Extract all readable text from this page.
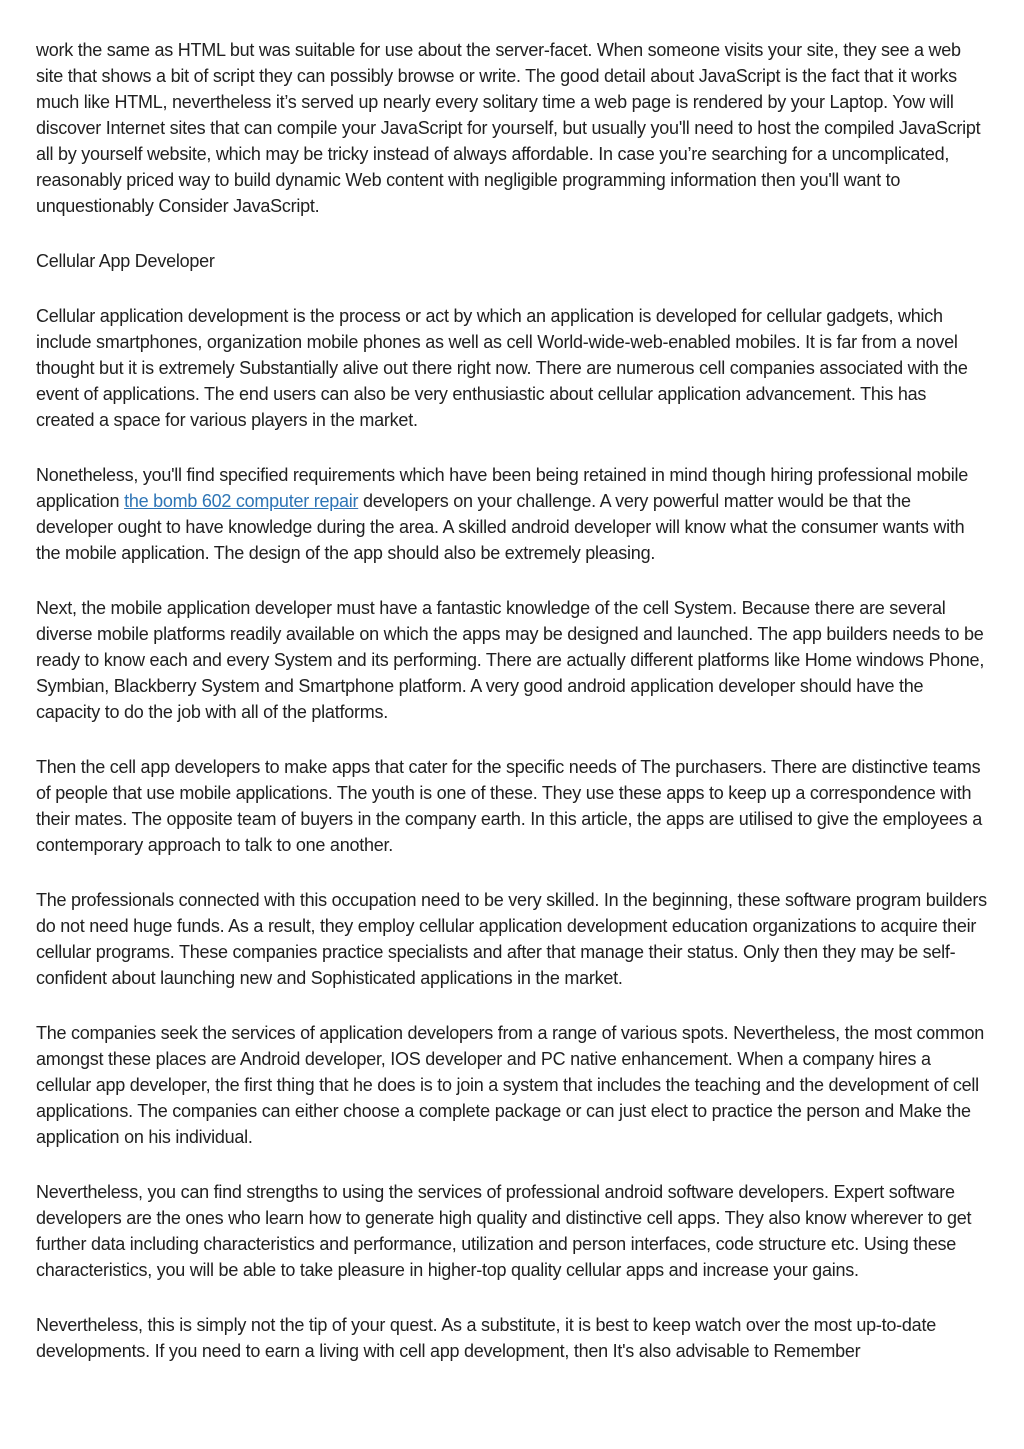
work the same as HTML but was suitable for use about the server-facet. When someone visits your site, they see a web site that shows a bit of script they can possibly browse or write. The good detail about JavaScript is the fact that it works much like HTML, nevertheless it’s served up nearly every solitary time a web page is rendered by your Laptop. Yow will discover Internet sites that can compile your JavaScript for yourself, but usually you'll need to host the compiled JavaScript all by yourself website, which may be tricky instead of always affordable. In case you’re searching for a uncomplicated, reasonably priced way to build dynamic Web content with negligible programming information then you'll want to unquestionably Consider JavaScript.

Cellular App Developer

Cellular application development is the process or act by which an application is developed for cellular gadgets, which include smartphones, organization mobile phones as well as cell World-wide-web-enabled mobiles. It is far from a novel thought but it is extremely Substantially alive out there right now. There are numerous cell companies associated with the event of applications. The end users can also be very enthusiastic about cellular application advancement. This has created a space for various players in the market.

Nonetheless, you'll find specified requirements which have been being retained in mind though hiring professional mobile application the bomb 602 computer repair developers on your challenge. A very powerful matter would be that the developer ought to have knowledge during the area. A skilled android developer will know what the consumer wants with the mobile application. The design of the app should also be extremely pleasing.

Next, the mobile application developer must have a fantastic knowledge of the cell System. Because there are several diverse mobile platforms readily available on which the apps may be designed and launched. The app builders needs to be ready to know each and every System and its performing. There are actually different platforms like Home windows Phone, Symbian, Blackberry System and Smartphone platform. A very good android application developer should have the capacity to do the job with all of the platforms.

Then the cell app developers to make apps that cater for the specific needs of The purchasers. There are distinctive teams of people that use mobile applications. The youth is one of these. They use these apps to keep up a correspondence with their mates. The opposite team of buyers in the company earth. In this article, the apps are utilised to give the employees a contemporary approach to talk to one another.

The professionals connected with this occupation need to be very skilled. In the beginning, these software program builders do not need huge funds. As a result, they employ cellular application development education organizations to acquire their cellular programs. These companies practice specialists and after that manage their status. Only then they may be self-confident about launching new and Sophisticated applications in the market.

The companies seek the services of application developers from a range of various spots. Nevertheless, the most common amongst these places are Android developer, IOS developer and PC native enhancement. When a company hires a cellular app developer, the first thing that he does is to join a system that includes the teaching and the development of cell applications. The companies can either choose a complete package or can just elect to practice the person and Make the application on his individual.

Nevertheless, you can find strengths to using the services of professional android software developers. Expert software developers are the ones who learn how to generate high quality and distinctive cell apps. They also know wherever to get further data including characteristics and performance, utilization and person interfaces, code structure etc. Using these characteristics, you will be able to take pleasure in higher-top quality cellular apps and increase your gains.

Nevertheless, this is simply not the tip of your quest. As a substitute, it is best to keep watch over the most up-to-date developments. If you need to earn a living with cell app development, then It's also advisable to Remember
